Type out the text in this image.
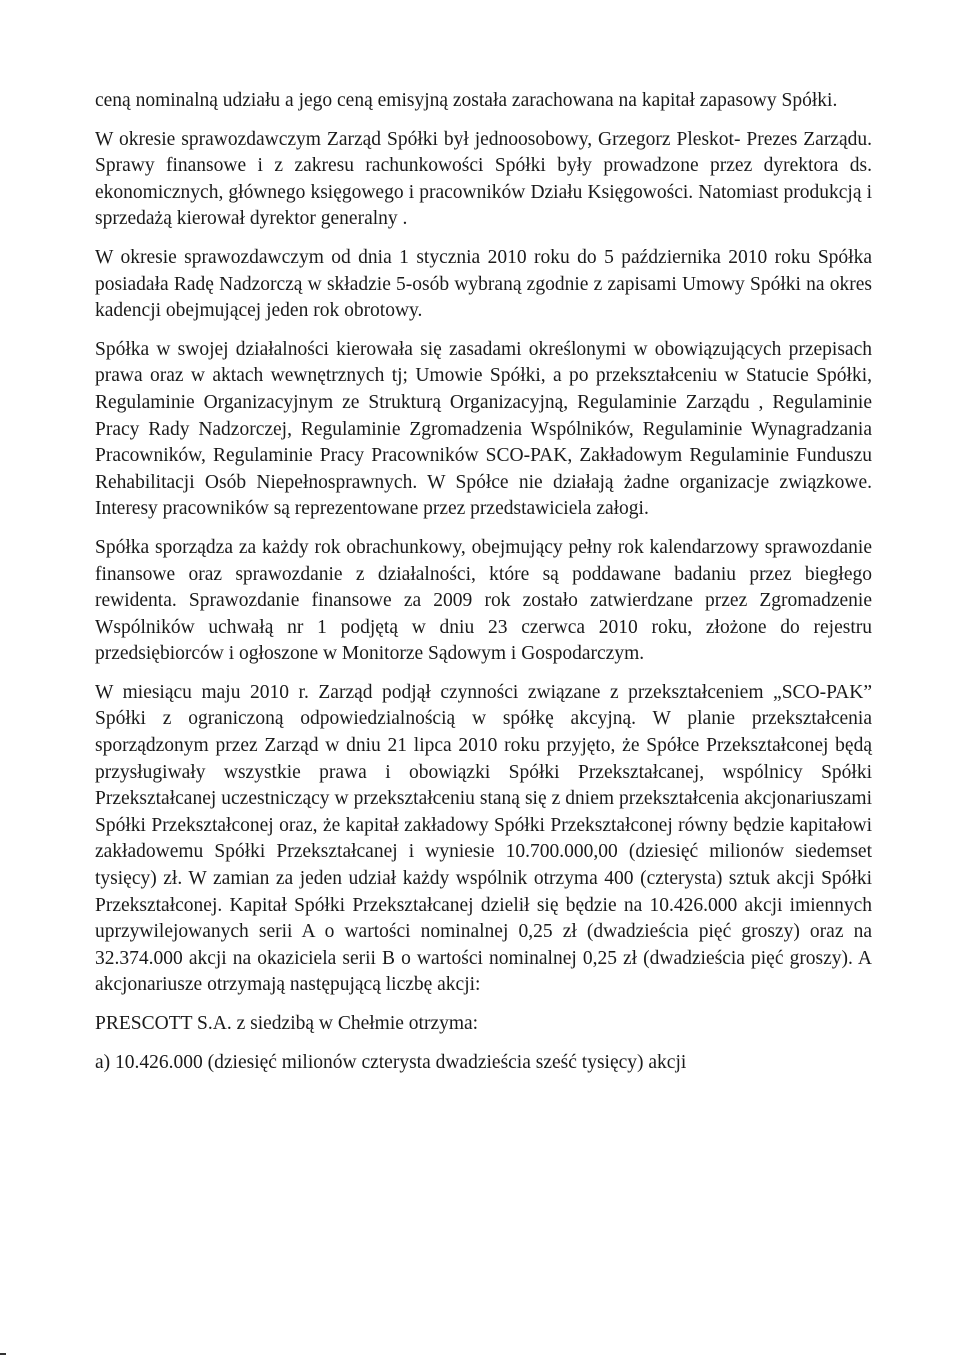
ceną nominalną udziału a jego ceną emisyjną została zarachowana na kapitał zapasowy Spółki.

W okresie sprawozdawczym Zarząd Spółki był jednoosobowy, Grzegorz Pleskot- Prezes Zarządu. Sprawy finansowe i z zakresu rachunkowości Spółki były prowadzone przez dyrektora ds. ekonomicznych, głównego księgowego i pracowników Działu Księgowości. Natomiast produkcją i sprzedażą kierował dyrektor generalny .

W okresie sprawozdawczym od dnia 1 stycznia 2010 roku do 5 października 2010 roku Spółka posiadała Radę Nadzorczą w składzie 5-osób wybraną zgodnie z zapisami Umowy Spółki na okres kadencji obejmującej jeden rok obrotowy.

Spółka w swojej działalności kierowała się zasadami określonymi w obowiązujących przepisach prawa oraz w aktach wewnętrznych tj; Umowie Spółki, a po przekształceniu w Statucie Spółki, Regulaminie Organizacyjnym ze Strukturą Organizacyjną, Regulaminie Zarządu , Regulaminie Pracy Rady Nadzorczej, Regulaminie Zgromadzenia Wspólników, Regulaminie Wynagradzania Pracowników, Regulaminie Pracy Pracowników SCO-PAK, Zakładowym Regulaminie Funduszu Rehabilitacji Osób Niepełnosprawnych. W Spółce nie działają żadne organizacje związkowe. Interesy pracowników są reprezentowane przez przedstawiciela załogi.

Spółka sporządza za każdy rok obrachunkowy, obejmujący pełny rok kalendarzowy sprawozdanie finansowe oraz sprawozdanie z działalności, które są poddawane badaniu przez biegłego rewidenta. Sprawozdanie finansowe za 2009 rok zostało zatwierdzane przez Zgromadzenie Wspólników uchwałą nr 1 podjętą w dniu 23 czerwca 2010 roku, złożone do rejestru przedsiębiorców i ogłoszone w Monitorze Sądowym i Gospodarczym.

W miesiącu maju 2010 r. Zarząd podjął czynności związane z przekształceniem „SCO-PAK” Spółki z ograniczoną odpowiedzialnością w spółkę akcyjną. W planie przekształcenia sporządzonym przez Zarząd w dniu 21 lipca 2010 roku przyjęto, że Spółce Przekształconej będą przysługiwały wszystkie prawa i obowiązki Spółki Przekształcanej, wspólnicy Spółki Przekształcanej uczestniczący w przekształceniu staną się z dniem przekształcenia akcjonariuszami Spółki Przekształconej oraz, że kapitał zakładowy Spółki Przekształconej równy będzie kapitałowi zakładowemu Spółki Przekształcanej i wyniesie 10.700.000,00 (dziesięć milionów siedemset tysięcy) zł. W zamian za jeden udział każdy wspólnik otrzyma 400 (czterysta) sztuk akcji Spółki Przekształconej. Kapitał Spółki Przekształcanej dzielił się będzie na 10.426.000 akcji imiennych uprzywilejowanych serii A o wartości nominalnej 0,25 zł (dwadzieścia pięć groszy) oraz na 32.374.000 akcji na okaziciela serii B o wartości nominalnej 0,25 zł (dwadzieścia pięć groszy). A akcjonariusze otrzymają następującą liczbę akcji:

PRESCOTT S.A. z siedzibą w Chełmie otrzyma:

a) 10.426.000 (dziesięć milionów czterysta dwadzieścia sześć tysięcy) akcji
